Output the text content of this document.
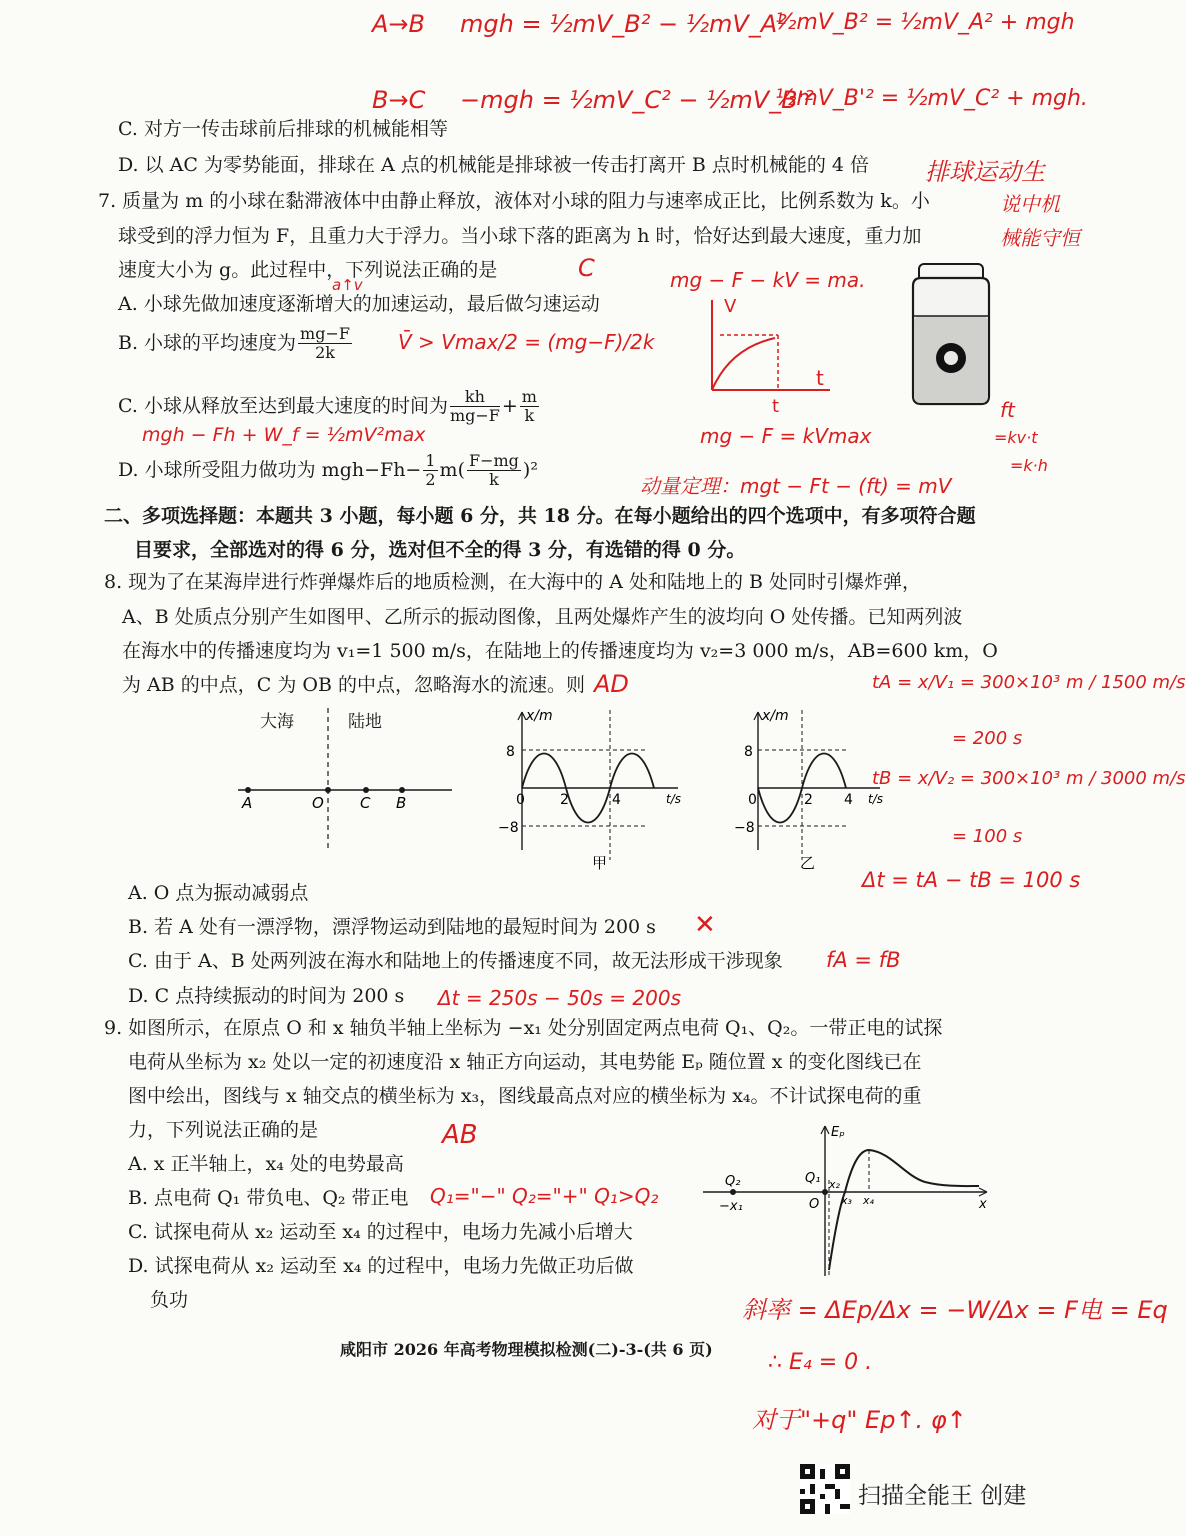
A→B mgh = ½mV_B² − ½mV_A²
½mV_B² = ½mV_A² + mgh
B→C −mgh = ½mV_C² − ½mV_B'²
½mV_B'² = ½mV_C² + mgh.
C. 对方一传击球前后排球的机械能相等
D. 以 AC 为零势能面，排球在 A 点的机械能是排球被一传击打离开 B 点时机械能的 4 倍 排球运动生
7. 质量为 m 的小球在黏滞液体中由静止释放，液体对小球的阻力与速率成正比，比例系数为 k。小
球受到的浮力恒为 F，且重力大于浮力。当小球下落的距离为 h 时，恰好达到最大速度，重力加
速度大小为 g。此过程中，下列说法正确的是
说中机
械能守恒
C
a↑v
A. 小球先做加速度逐渐增大的加速运动，最后做匀速运动
B. 小球的平均速度为 $\frac{mg-F}{2k}$ V̄ > Vmax/2 = (mg−F)/2k
C. 小球从释放至达到最大速度的时间为 $\frac{kh}{mg-F} + \frac{m}{k}$
mgh − Fh + W_f = ½mV²max
D. 小球所受阻力做功为 $mgh-Fh- \frac{1}{2} m( \frac{F-mg}{k} )^2$
mg − F − kV = ma.
V
t
t
mg − F = kVmax
动量定理：mgt − Ft − (ft) = mV
ft
=kv·t
=k·h
二、多项选择题：本题共 3 小题，每小题 6 分，共 18 分。在每小题给出的四个选项中，有多项符合题
目要求，全部选对的得 6 分，选对但不全的得 3 分，有选错的得 0 分。
8. 现为了在某海岸进行炸弹爆炸后的地质检测，在大海中的 A 处和陆地上的 B 处同时引爆炸弹，
A、B 处质点分别产生如图甲、乙所示的振动图像，且两处爆炸产生的波均向 O 处传播。已知两列波
在海水中的传播速度均为 v₁=1 500 m/s，在陆地上的传播速度均为 v₂=3 000 m/s，AB=600 km，O
为 AB 的中点，C 为 OB 的中点，忽略海水的流速。则 AD
大海	陆地
A	O C B
x/m
t/s
8
−8
0	2	4
甲
x/m
t/s
8
−8
0	2 4
乙
tA = x/V₁ = 300×10³ m / 1500 m/s
= 200 s
tB = x/V₂ = 300×10³ m / 3000 m/s
= 100 s
Δt = tA − tB = 100 s
A. O 点为振动减弱点
B. 若 A 处有一漂浮物，漂浮物运动到陆地的最短时间为 200 s ✕
C. 由于 A、B 处两列波在海水和陆地上的传播速度不同，故无法形成干涉现象 fA = fB
D. C 点持续振动的时间为 200 s Δt = 250s − 50s = 200s
9. 如图所示，在原点 O 和 x 轴负半轴上坐标为 −x₁ 处分别固定两点电荷 Q₁、Q₂。一带正电的试探
电荷从坐标为 x₂ 处以一定的初速度沿 x 轴正方向运动，其电势能 Eₚ 随位置 x 的变化图线已在
图中绘出，图线与 x 轴交点的横坐标为 x₃，图线最高点对应的横坐标为 x₄。不计试探电荷的重
力，下列说法正确的是	AB
A. x 正半轴上，x₄ 处的电势最高
B. 点电荷 Q₁ 带负电、Q₂ 带正电 Q₁="−" Q₂="+" Q₁>Q₂
C. 试探电荷从 x₂ 运动至 x₄ 的过程中，电场力先减小后增大
D. 试探电荷从 x₂ 运动至 x₄ 的过程中，电场力先做正功后做
负功
Eₚ
Q₂	Q₁
−x₁	O
x₂
x₃ x₄	x
斜率 = ΔEp/Δx = −W/Δx = F电 = Eq
∴ E₄ = 0 .
对于"+q" Ep↑. φ↑
咸阳市 2026 年高考物理模拟检测(二)-3-(共 6 页)
扫描全能王 创建
